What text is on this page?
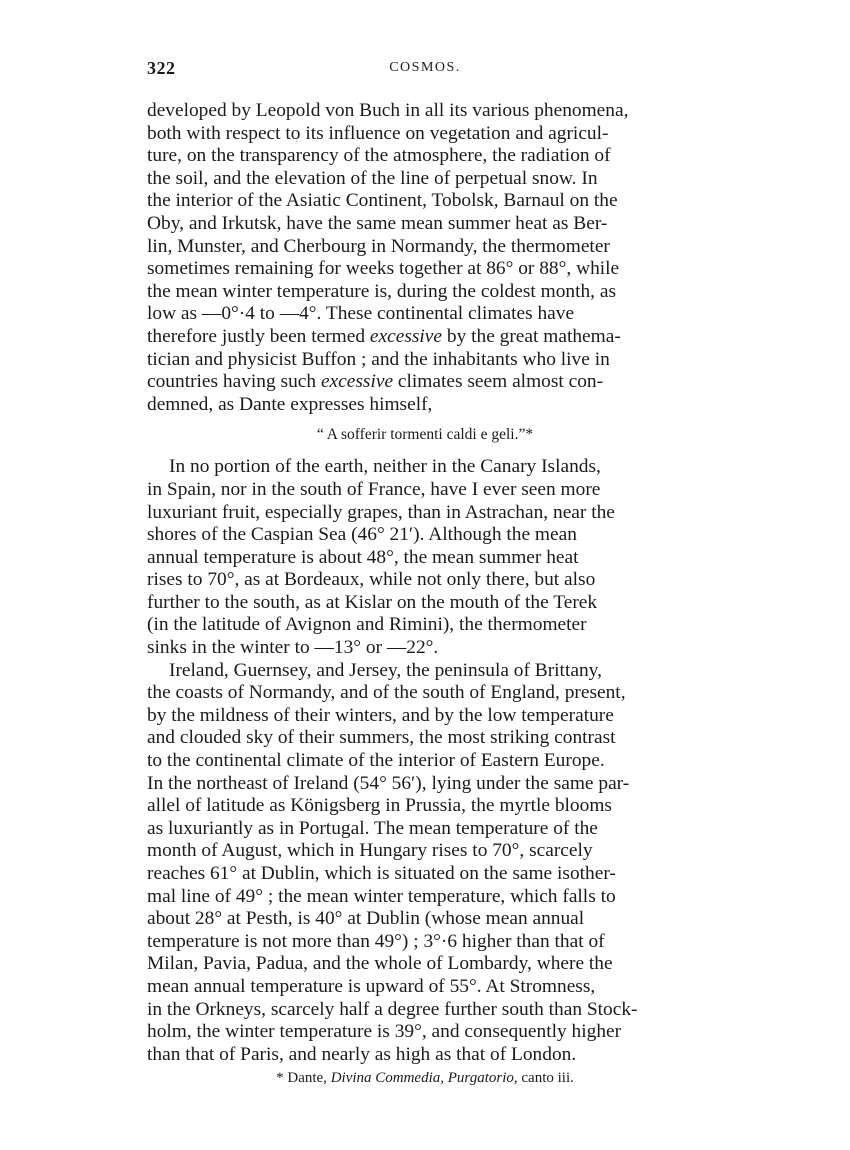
322	COSMOS.

developed by Leopold von Buch in all its various phenomena,
both with respect to its influence on vegetation and agricul-
ture, on the transparency of the atmosphere, the radiation of
the soil, and the elevation of the line of perpetual snow. In
the interior of the Asiatic Continent, Tobolsk, Barnaul on the
Oby, and Irkutsk, have the same mean summer heat as Ber-
lin, Munster, and Cherbourg in Normandy, the thermometer
sometimes remaining for weeks together at 86° or 88°, while
the mean winter temperature is, during the coldest month, as
low as —0°·4 to —4°. These continental climates have
therefore justly been termed excessive by the great mathema-
tician and physicist Buffon ; and the inhabitants who live in
countries having such excessive climates seem almost con-
demned, as Dante expresses himself,

“ A sofferir tormenti caldi e geli.”*

In no portion of the earth, neither in the Canary Islands,
in Spain, nor in the south of France, have I ever seen more
luxuriant fruit, especially grapes, than in Astrachan, near the
shores of the Caspian Sea (46° 21′). Although the mean
annual temperature is about 48°, the mean summer heat
rises to 70°, as at Bordeaux, while not only there, but also
further to the south, as at Kislar on the mouth of the Terek
(in the latitude of Avignon and Rimini), the thermometer
sinks in the winter to —13° or —22°.

Ireland, Guernsey, and Jersey, the peninsula of Brittany,
the coasts of Normandy, and of the south of England, present,
by the mildness of their winters, and by the low temperature
and clouded sky of their summers, the most striking contrast
to the continental climate of the interior of Eastern Europe.
In the northeast of Ireland (54° 56′), lying under the same par-
allel of latitude as Königsberg in Prussia, the myrtle blooms
as luxuriantly as in Portugal. The mean temperature of the
month of August, which in Hungary rises to 70°, scarcely
reaches 61° at Dublin, which is situated on the same isother-
mal line of 49° ; the mean winter temperature, which falls to
about 28° at Pesth, is 40° at Dublin (whose mean annual
temperature is not more than 49°) ; 3°·6 higher than that of
Milan, Pavia, Padua, and the whole of Lombardy, where the
mean annual temperature is upward of 55°. At Stromness,
in the Orkneys, scarcely half a degree further south than Stock-
holm, the winter temperature is 39°, and consequently higher
than that of Paris, and nearly as high as that of London.

* Dante, Divina Commedia, Purgatorio, canto iii.
